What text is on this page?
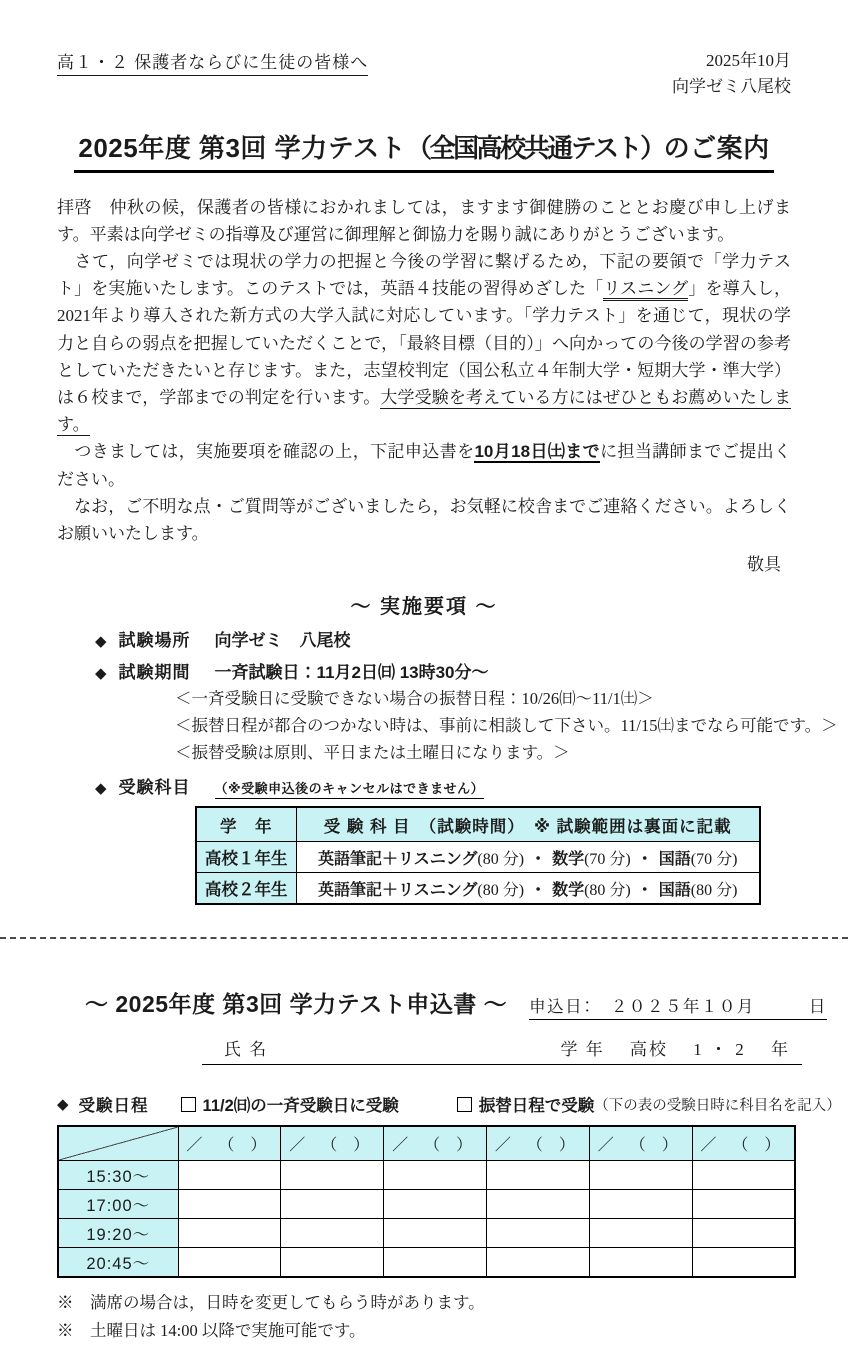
高１・２ 保護者ならびに生徒の皆様へ	2025年10月
向学ゼミ八尾校
2025年度 第3回 学力テスト（全国高校共通テスト）のご案内

拝啓　仲秋の候，保護者の皆様におかれましては，ますます御健勝のこととお慶び申し上げます。平素は向学ゼミの指導及び運営に御理解と御協力を賜り誠にありがとうございます。

　さて，向学ゼミでは現状の学力の把握と今後の学習に繋げるため，下記の要領で「学力テスト」を実施いたします。このテストでは，英語４技能の習得めざした「リスニング」を導入し，2021年より導入された新方式の大学入試に対応しています。「学力テスト」を通じて，現状の学力と自らの弱点を把握していただくことで，「最終目標（目的）」へ向かっての今後の学習の参考としていただきたいと存じます。また，志望校判定（国公私立４年制大学・短期大学・準大学）は６校まで，学部までの判定を行います。大学受験を考えている方にはぜひともお薦めいたします。

　つきましては，実施要項を確認の上，下記申込書を10月18日㈯までに担当講師までご提出ください。

　なお，ご不明な点・ご質問等がございましたら，お気軽に校舎までご連絡ください。よろしくお願いいたします。

敬具
〜 実施要項 〜
◆ 試験場所 向学ゼミ　八尾校
◆ 試験期間 一斉試験日：11月2日㈰ 13時30分〜
＜一斉受験日に受験できない場合の振替日程：10/26㈰〜11/1㈯＞
＜振替日程が都合のつかない時は、事前に相談して下さい。11/15㈯までなら可能です。＞
＜振替受験は原則、平日または土曜日になります。＞
◆ 受験科目 （※受験申込後のキャンセルはできません）
学　年	受 験 科 目　（試験時間）　※ 試験範囲は裏面に記載
高校１年生	英語筆記＋リスニング(80 分) ・ 数学(70 分) ・ 国語(70 分)
高校２年生	英語筆記＋リスニング(80 分) ・ 数学(80 分) ・ 国語(80 分)
〜 2025年度 第3回 学力テスト申込書 〜 申込日：　２０２５年１０月　　　日
氏 名	学 年　 高校　 1 ・ 2 　年
◆ 受験日程	11/2㈰の一斉受験日に受験	振替日程で受験 （下の表の受験日時に科目名を記入）
	／ （ ）	／ （ ）	／ （ ）	／ （ ）	／ （ ）	／ （ ）
15:30〜						
17:00〜						
19:20〜						
20:45〜						
※　満席の場合は，日時を変更してもらう時があります。
※　土曜日は 14:00 以降で実施可能です。
